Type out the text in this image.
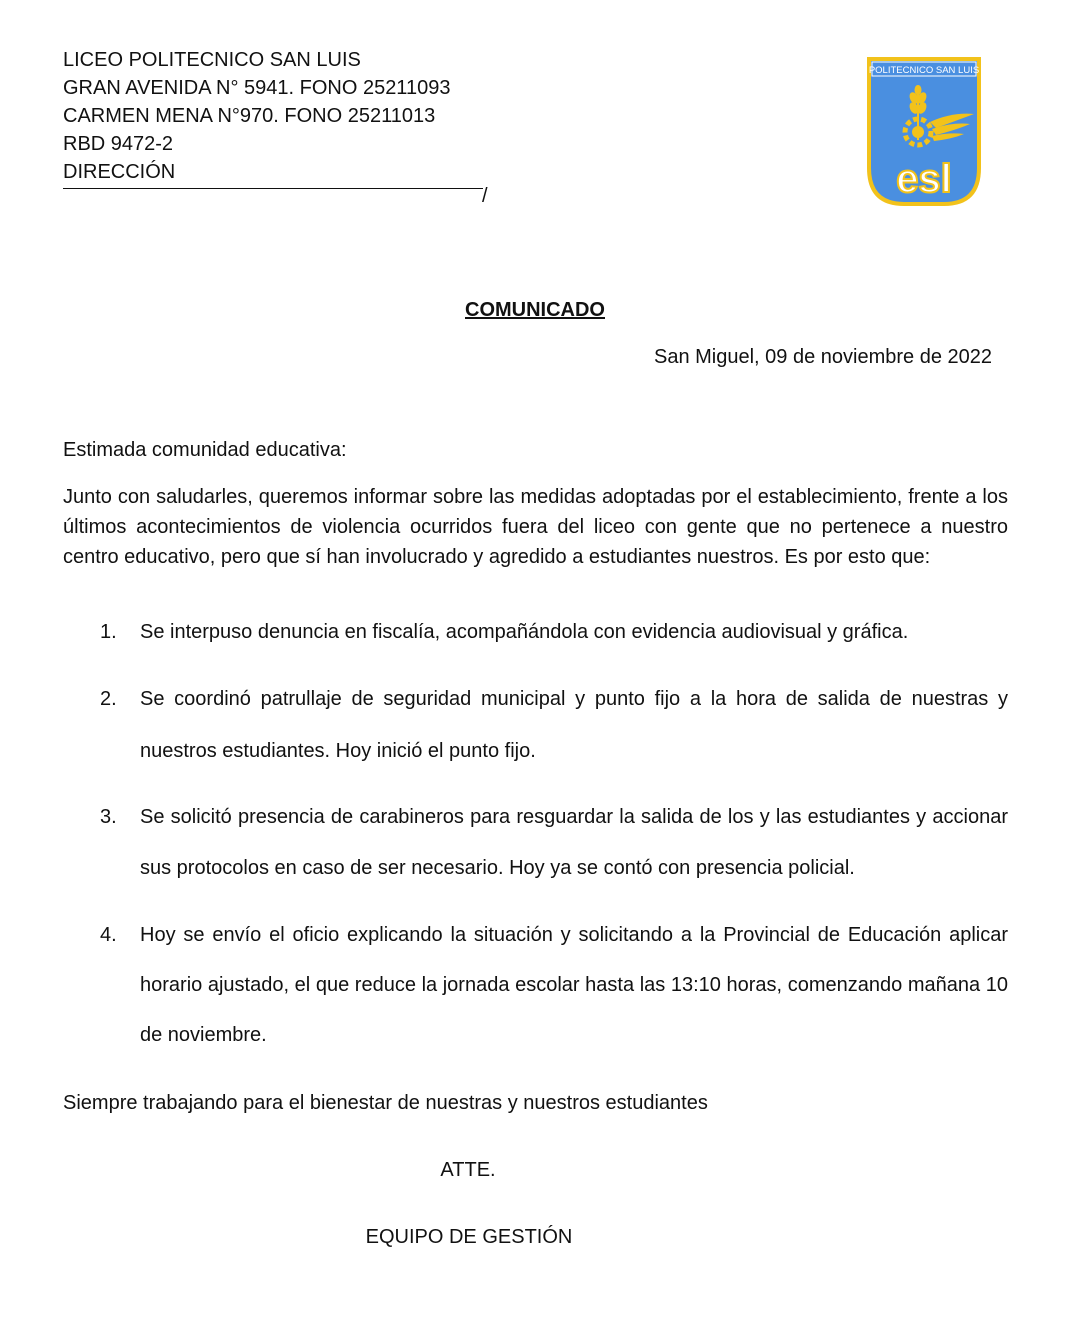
LICEO POLITECNICO SAN LUIS
GRAN AVENIDA N° 5941. FONO 25211093
CARMEN MENA N°970. FONO 25211013
RBD 9472-2
DIRECCIÓN
/
POLITECNICO SAN LUIS
esl
COMUNICADO
San Miguel, 09 de noviembre de 2022
Estimada comunidad educativa:
Junto con saludarles, queremos informar sobre las medidas adoptadas por el establecimiento, frente a los últimos acontecimientos de violencia ocurridos fuera del liceo con gente que no pertenece a nuestro centro educativo, pero que sí han involucrado y agredido a estudiantes nuestros. Es por esto que:
1.	Se interpuso denuncia en fiscalía, acompañándola con evidencia audiovisual y gráfica.
2.	Se coordinó patrullaje de seguridad municipal y punto fijo a la hora de salida de nuestras y nuestros estudiantes. Hoy inició el punto fijo.
3.	Se solicitó presencia de carabineros para resguardar la salida de los y las estudiantes y accionar sus protocolos en caso de ser necesario. Hoy ya se contó con presencia policial.
4.	Hoy se envío el oficio explicando la situación y solicitando a la Provincial de Educación aplicar horario ajustado, el que reduce la jornada escolar hasta las 13:10 horas, comenzando mañana 10 de noviembre.
Siempre trabajando para el bienestar de nuestras y nuestros estudiantes
ATTE.
EQUIPO DE GESTIÓN
